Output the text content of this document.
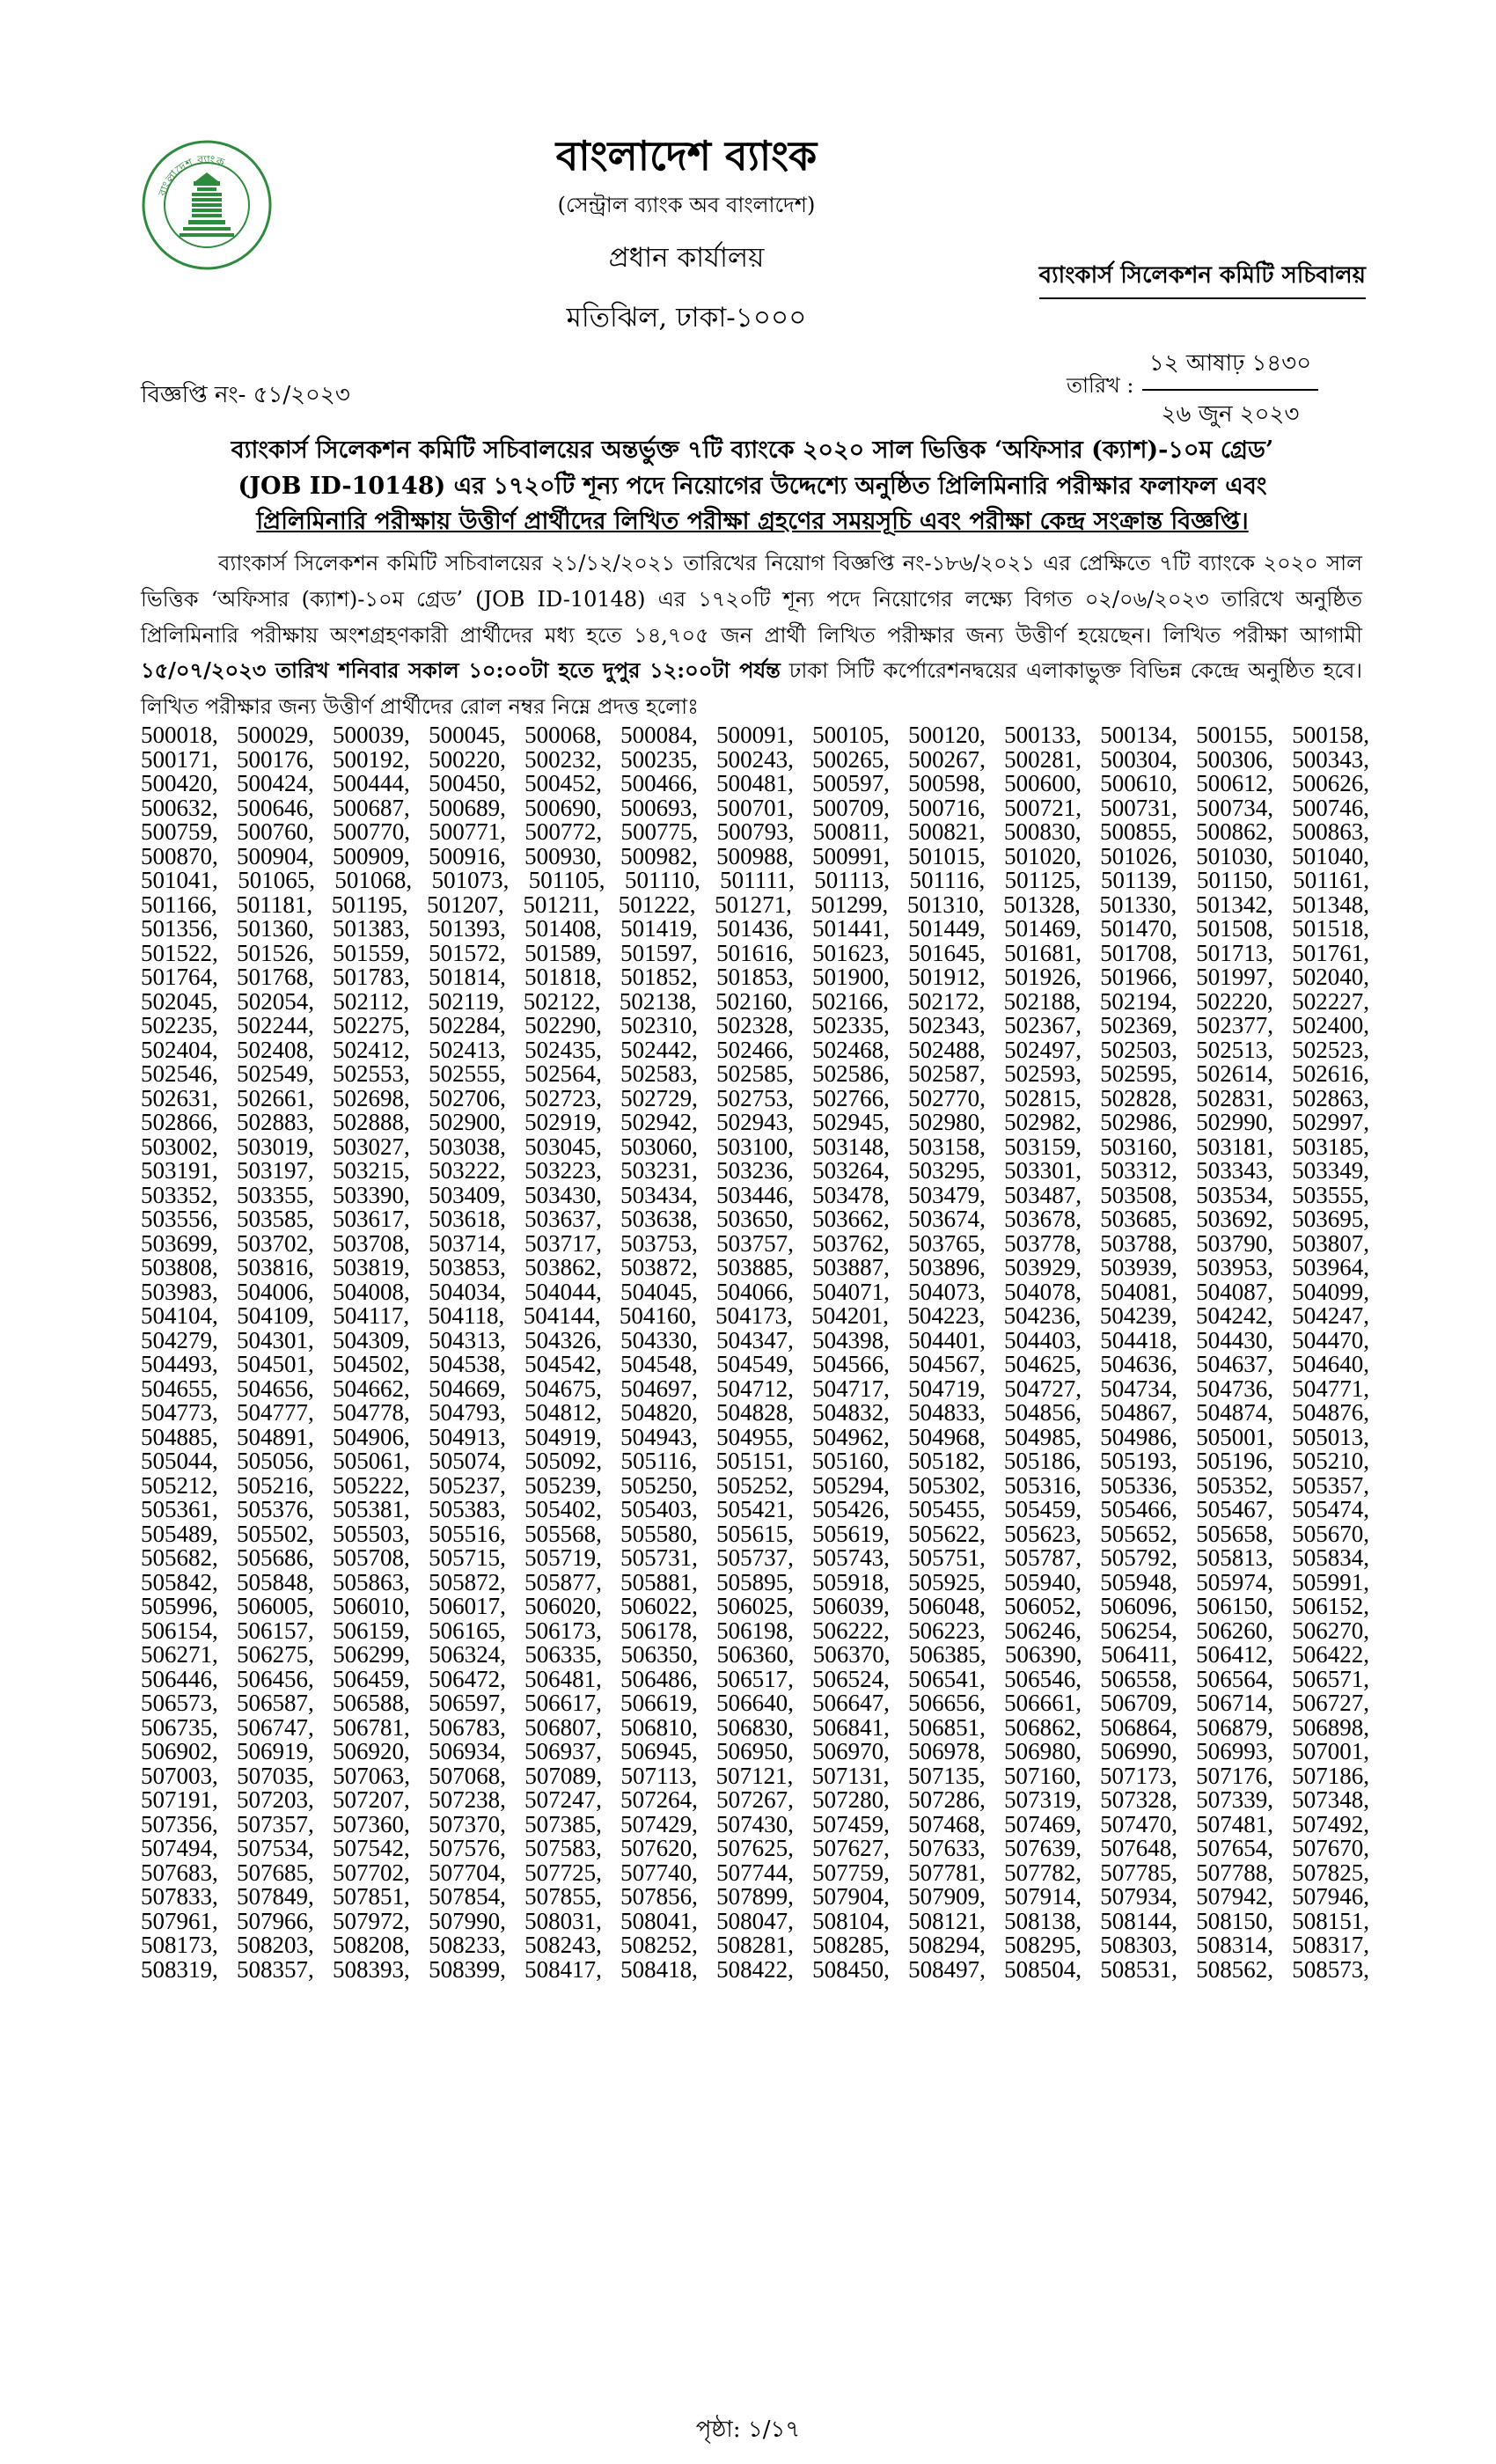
বাংলাদেশ ব্যাংক	বাংলাদেশ ব্যাংক
(সেন্ট্রাল ব্যাংক অব বাংলাদেশ)
প্রধান কার্যালয়
মতিঝিল, ঢাকা-১০০০
ব্যাংকার্স সিলেকশন কমিটি সচিবালয়
বিজ্ঞপ্তি নং- ৫১/২০২৩	তারিখ :
১২ আষাঢ় ১৪৩০
২৬ জুন ২০২৩
ব্যাংকার্স সিলেকশন কমিটি সচিবালয়ের অন্তর্ভুক্ত ৭টি ব্যাংকে ২০২০ সাল ভিত্তিক ‘অফিসার (ক্যাশ)-১০ম গ্রেড’
(JOB ID-10148) এর ১৭২০টি শূন্য পদে নিয়োগের উদ্দেশ্যে অনুষ্ঠিত প্রিলিমিনারি পরীক্ষার ফলাফল এবং
প্রিলিমিনারি পরীক্ষায় উত্তীর্ণ প্রার্থীদের লিখিত পরীক্ষা গ্রহণের সময়সূচি এবং পরীক্ষা কেন্দ্র সংক্রান্ত বিজ্ঞপ্তি।
ব্যাংকার্স সিলেকশন কমিটি সচিবালয়ের ২১/১২/২০২১ তারিখের নিয়োগ বিজ্ঞপ্তি নং-১৮৬/২০২১ এর প্রেক্ষিতে ৭টি ব্যাংকে ২০২০ সাল ভিত্তিক ‘অফিসার (ক্যাশ)-১০ম গ্রেড’ (JOB ID-10148) এর ১৭২০টি শূন্য পদে নিয়োগের লক্ষ্যে বিগত ০২/০৬/২০২৩ তারিখে অনুষ্ঠিত প্রিলিমিনারি পরীক্ষায় অংশগ্রহণকারী প্রার্থীদের মধ্য হতে ১৪,৭০৫ জন প্রার্থী লিখিত পরীক্ষার জন্য উত্তীর্ণ হয়েছেন। লিখিত পরীক্ষা আগামী ১৫/০৭/২০২৩ তারিখ শনিবার সকাল ১০:০০টা হতে দুপুর ১২:০০টা পর্যন্ত ঢাকা সিটি কর্পোরেশনদ্বয়ের এলাকাভুক্ত বিভিন্ন কেন্দ্রে অনুষ্ঠিত হবে। লিখিত পরীক্ষার জন্য উত্তীর্ণ প্রার্থীদের রোল নম্বর নিম্নে প্রদত্ত হলোঃ
500018, 500029, 500039, 500045, 500068, 500084, 500091, 500105, 500120, 500133, 500134, 500155, 500158,
500171, 500176, 500192, 500220, 500232, 500235, 500243, 500265, 500267, 500281, 500304, 500306, 500343,
500420, 500424, 500444, 500450, 500452, 500466, 500481, 500597, 500598, 500600, 500610, 500612, 500626,
500632, 500646, 500687, 500689, 500690, 500693, 500701, 500709, 500716, 500721, 500731, 500734, 500746,
500759, 500760, 500770, 500771, 500772, 500775, 500793, 500811, 500821, 500830, 500855, 500862, 500863,
500870, 500904, 500909, 500916, 500930, 500982, 500988, 500991, 501015, 501020, 501026, 501030, 501040,
501041, 501065, 501068, 501073, 501105, 501110, 501111, 501113, 501116, 501125, 501139, 501150, 501161,
501166, 501181, 501195, 501207, 501211, 501222, 501271, 501299, 501310, 501328, 501330, 501342, 501348,
501356, 501360, 501383, 501393, 501408, 501419, 501436, 501441, 501449, 501469, 501470, 501508, 501518,
501522, 501526, 501559, 501572, 501589, 501597, 501616, 501623, 501645, 501681, 501708, 501713, 501761,
501764, 501768, 501783, 501814, 501818, 501852, 501853, 501900, 501912, 501926, 501966, 501997, 502040,
502045, 502054, 502112, 502119, 502122, 502138, 502160, 502166, 502172, 502188, 502194, 502220, 502227,
502235, 502244, 502275, 502284, 502290, 502310, 502328, 502335, 502343, 502367, 502369, 502377, 502400,
502404, 502408, 502412, 502413, 502435, 502442, 502466, 502468, 502488, 502497, 502503, 502513, 502523,
502546, 502549, 502553, 502555, 502564, 502583, 502585, 502586, 502587, 502593, 502595, 502614, 502616,
502631, 502661, 502698, 502706, 502723, 502729, 502753, 502766, 502770, 502815, 502828, 502831, 502863,
502866, 502883, 502888, 502900, 502919, 502942, 502943, 502945, 502980, 502982, 502986, 502990, 502997,
503002, 503019, 503027, 503038, 503045, 503060, 503100, 503148, 503158, 503159, 503160, 503181, 503185,
503191, 503197, 503215, 503222, 503223, 503231, 503236, 503264, 503295, 503301, 503312, 503343, 503349,
503352, 503355, 503390, 503409, 503430, 503434, 503446, 503478, 503479, 503487, 503508, 503534, 503555,
503556, 503585, 503617, 503618, 503637, 503638, 503650, 503662, 503674, 503678, 503685, 503692, 503695,
503699, 503702, 503708, 503714, 503717, 503753, 503757, 503762, 503765, 503778, 503788, 503790, 503807,
503808, 503816, 503819, 503853, 503862, 503872, 503885, 503887, 503896, 503929, 503939, 503953, 503964,
503983, 504006, 504008, 504034, 504044, 504045, 504066, 504071, 504073, 504078, 504081, 504087, 504099,
504104, 504109, 504117, 504118, 504144, 504160, 504173, 504201, 504223, 504236, 504239, 504242, 504247,
504279, 504301, 504309, 504313, 504326, 504330, 504347, 504398, 504401, 504403, 504418, 504430, 504470,
504493, 504501, 504502, 504538, 504542, 504548, 504549, 504566, 504567, 504625, 504636, 504637, 504640,
504655, 504656, 504662, 504669, 504675, 504697, 504712, 504717, 504719, 504727, 504734, 504736, 504771,
504773, 504777, 504778, 504793, 504812, 504820, 504828, 504832, 504833, 504856, 504867, 504874, 504876,
504885, 504891, 504906, 504913, 504919, 504943, 504955, 504962, 504968, 504985, 504986, 505001, 505013,
505044, 505056, 505061, 505074, 505092, 505116, 505151, 505160, 505182, 505186, 505193, 505196, 505210,
505212, 505216, 505222, 505237, 505239, 505250, 505252, 505294, 505302, 505316, 505336, 505352, 505357,
505361, 505376, 505381, 505383, 505402, 505403, 505421, 505426, 505455, 505459, 505466, 505467, 505474,
505489, 505502, 505503, 505516, 505568, 505580, 505615, 505619, 505622, 505623, 505652, 505658, 505670,
505682, 505686, 505708, 505715, 505719, 505731, 505737, 505743, 505751, 505787, 505792, 505813, 505834,
505842, 505848, 505863, 505872, 505877, 505881, 505895, 505918, 505925, 505940, 505948, 505974, 505991,
505996, 506005, 506010, 506017, 506020, 506022, 506025, 506039, 506048, 506052, 506096, 506150, 506152,
506154, 506157, 506159, 506165, 506173, 506178, 506198, 506222, 506223, 506246, 506254, 506260, 506270,
506271, 506275, 506299, 506324, 506335, 506350, 506360, 506370, 506385, 506390, 506411, 506412, 506422,
506446, 506456, 506459, 506472, 506481, 506486, 506517, 506524, 506541, 506546, 506558, 506564, 506571,
506573, 506587, 506588, 506597, 506617, 506619, 506640, 506647, 506656, 506661, 506709, 506714, 506727,
506735, 506747, 506781, 506783, 506807, 506810, 506830, 506841, 506851, 506862, 506864, 506879, 506898,
506902, 506919, 506920, 506934, 506937, 506945, 506950, 506970, 506978, 506980, 506990, 506993, 507001,
507003, 507035, 507063, 507068, 507089, 507113, 507121, 507131, 507135, 507160, 507173, 507176, 507186,
507191, 507203, 507207, 507238, 507247, 507264, 507267, 507280, 507286, 507319, 507328, 507339, 507348,
507356, 507357, 507360, 507370, 507385, 507429, 507430, 507459, 507468, 507469, 507470, 507481, 507492,
507494, 507534, 507542, 507576, 507583, 507620, 507625, 507627, 507633, 507639, 507648, 507654, 507670,
507683, 507685, 507702, 507704, 507725, 507740, 507744, 507759, 507781, 507782, 507785, 507788, 507825,
507833, 507849, 507851, 507854, 507855, 507856, 507899, 507904, 507909, 507914, 507934, 507942, 507946,
507961, 507966, 507972, 507990, 508031, 508041, 508047, 508104, 508121, 508138, 508144, 508150, 508151,
508173, 508203, 508208, 508233, 508243, 508252, 508281, 508285, 508294, 508295, 508303, 508314, 508317,
508319, 508357, 508393, 508399, 508417, 508418, 508422, 508450, 508497, 508504, 508531, 508562, 508573,
পৃষ্ঠা: ১/১৭
